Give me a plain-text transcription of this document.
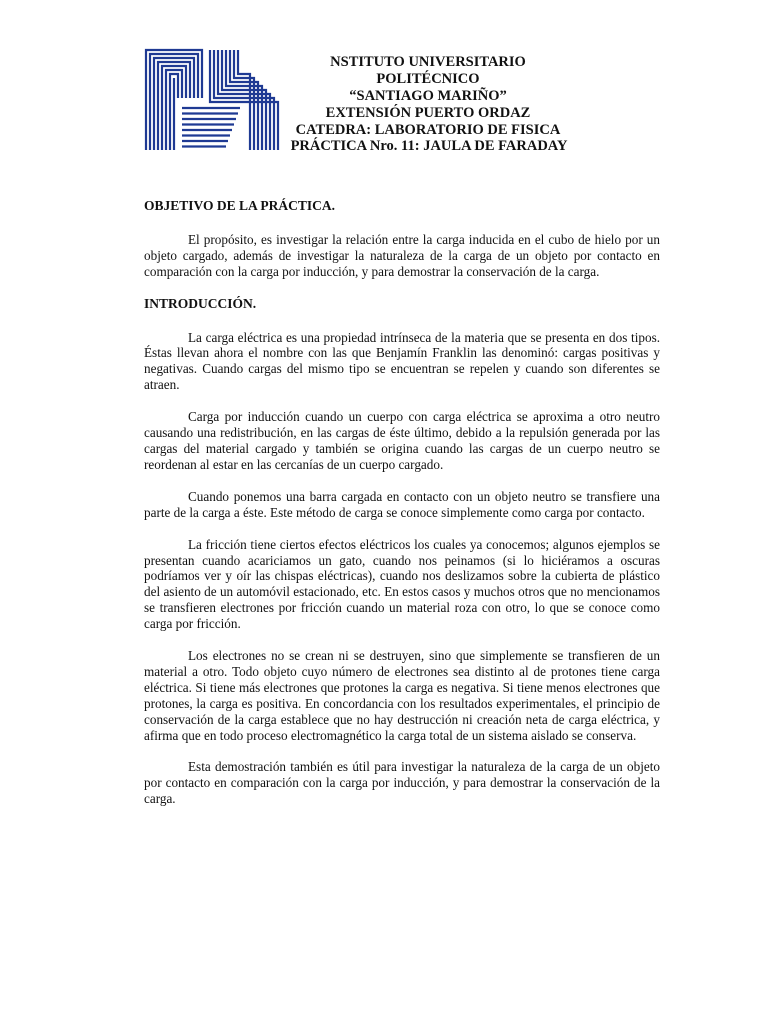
NSTITUTO UNIVERSITARIO POLITÉCNICO
“SANTIAGO MARIÑO”
EXTENSIÓN PUERTO ORDAZ
CATEDRA: LABORATORIO DE FISICA
PRÁCTICA Nro. 11: JAULA DE FARADAY
OBJETIVO DE LA PRÁCTICA.

El propósito, es investigar la relación entre la carga inducida en el cubo de hielo por un objeto cargado, además de investigar la naturaleza de la carga de un objeto por contacto en comparación con la carga por inducción, y para demostrar la conservación de la carga.

INTRODUCCIÓN.

La carga eléctrica es una propiedad intrínseca de la materia que se presenta en dos tipos. Éstas llevan ahora el nombre con las que Benjamín Franklin las denominó: cargas positivas y negativas. Cuando cargas del mismo tipo se encuentran se repelen y cuando son diferentes se atraen.

Carga por inducción cuando un cuerpo con carga eléctrica se aproxima a otro neutro causando una redistribución, en las cargas de éste último, debido a la repulsión generada por las cargas del material cargado y también se origina cuando las cargas de un cuerpo neutro se reordenan al estar en las cercanías de un cuerpo cargado.

Cuando ponemos una barra cargada en contacto con un objeto neutro se transfiere una parte de la carga a éste. Este método de carga se conoce simplemente como carga por contacto.

La fricción tiene ciertos efectos eléctricos los cuales ya conocemos; algunos ejemplos se presentan cuando acariciamos un gato, cuando nos peinamos (si lo hiciéramos a oscuras podríamos ver y oír las chispas eléctricas), cuando nos deslizamos sobre la cubierta de plástico del asiento de un automóvil estacionado, etc. En estos casos y muchos otros que no mencionamos se transfieren electrones por fricción cuando un material roza con otro, lo que se conoce como carga por fricción.

Los electrones no se crean ni se destruyen, sino que simplemente se transfieren de un material a otro. Todo objeto cuyo número de electrones sea distinto al de protones tiene carga eléctrica. Si tiene más electrones que protones la carga es negativa. Si tiene menos electrones que protones, la carga es positiva. En concordancia con los resultados experimentales, el principio de conservación de la carga establece que no hay destrucción ni creación neta de carga eléctrica, y afirma que en todo proceso electromagnético la carga total de un sistema aislado se conserva.

Esta demostración también es útil para investigar la naturaleza de la carga de un objeto por contacto en comparación con la carga por inducción, y para demostrar la conservación de la carga.
